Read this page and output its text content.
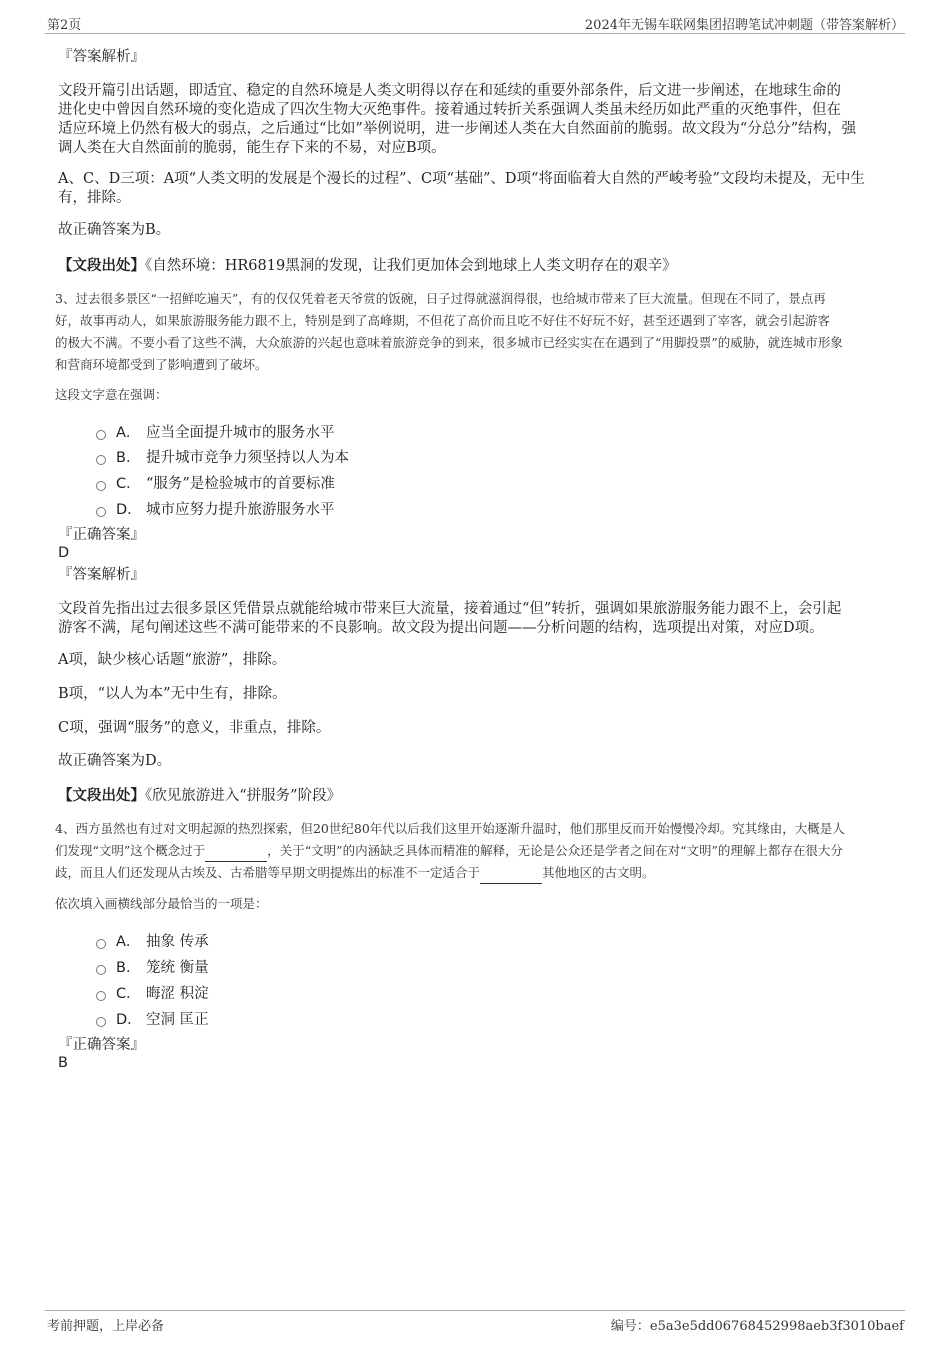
第2页	2024年无锡车联网集团招聘笔试冲刺题（带答案解析）
『答案解析』
文段开篇引出话题，即适宜、稳定的自然环境是人类文明得以存在和延续的重要外部条件，后文进一步阐述，在地球生命的
进化史中曾因自然环境的变化造成了四次生物大灭绝事件。接着通过转折关系强调人类虽未经历如此严重的灭绝事件，但在
适应环境上仍然有极大的弱点，之后通过“比如”举例说明，进一步阐述人类在大自然面前的脆弱。故文段为“分总分”结构，强
调人类在大自然面前的脆弱，能生存下来的不易，对应B项。
A、C、D三项：A项“人类文明的发展是个漫长的过程”、C项“基础”、D项“将面临着大自然的严峻考验”文段均未提及，无中生
有，排除。
故正确答案为B。
【文段出处】《自然环境：HR6819黑洞的发现，让我们更加体会到地球上人类文明存在的艰辛》
3、过去很多景区“一招鲜吃遍天”，有的仅仅凭着老天爷赏的饭碗，日子过得就滋润得很，也给城市带来了巨大流量。但现在不同了，景点再
好，故事再动人，如果旅游服务能力跟不上，特别是到了高峰期，不但花了高价而且吃不好住不好玩不好，甚至还遇到了宰客，就会引起游客
的极大不满。不要小看了这些不满，大众旅游的兴起也意味着旅游竞争的到来，很多城市已经实实在在遇到了“用脚投票”的威胁，就连城市形象
和营商环境都受到了影响遭到了破坏。
这段文字意在强调：
A． 应当全面提升城市的服务水平
B． 提升城市竞争力须坚持以人为本
C． “服务”是检验城市的首要标准
D． 城市应努力提升旅游服务水平
『正确答案』
D
『答案解析』
文段首先指出过去很多景区凭借景点就能给城市带来巨大流量，接着通过“但”转折，强调如果旅游服务能力跟不上，会引起
游客不满，尾句阐述这些不满可能带来的不良影响。故文段为提出问题——分析问题的结构，选项提出对策，对应D项。
A项，缺少核心话题“旅游”，排除。
B项，“以人为本”无中生有，排除。
C项，强调“服务”的意义，非重点，排除。
故正确答案为D。
【文段出处】《欣见旅游进入“拼服务”阶段》
4、西方虽然也有过对文明起源的热烈探索，但20世纪80年代以后我们这里开始逐渐升温时，他们那里反而开始慢慢冷却。究其缘由，大概是人
们发现“文明”这个概念过于	，关于“文明”的内涵缺乏具体而精准的解释，无论是公众还是学者之间在对“文明”的理解上都存在很大分
歧，而且人们还发现从古埃及、古希腊等早期文明提炼出的标准不一定适合于	其他地区的古文明。
依次填入画横线部分最恰当的一项是：
A． 抽象 传承
B． 笼统 衡量
C． 晦涩 积淀
D． 空洞 匡正
『正确答案』
B
考前押题，上岸必备	编号：e5a3e5dd06768452998aeb3f3010baef
